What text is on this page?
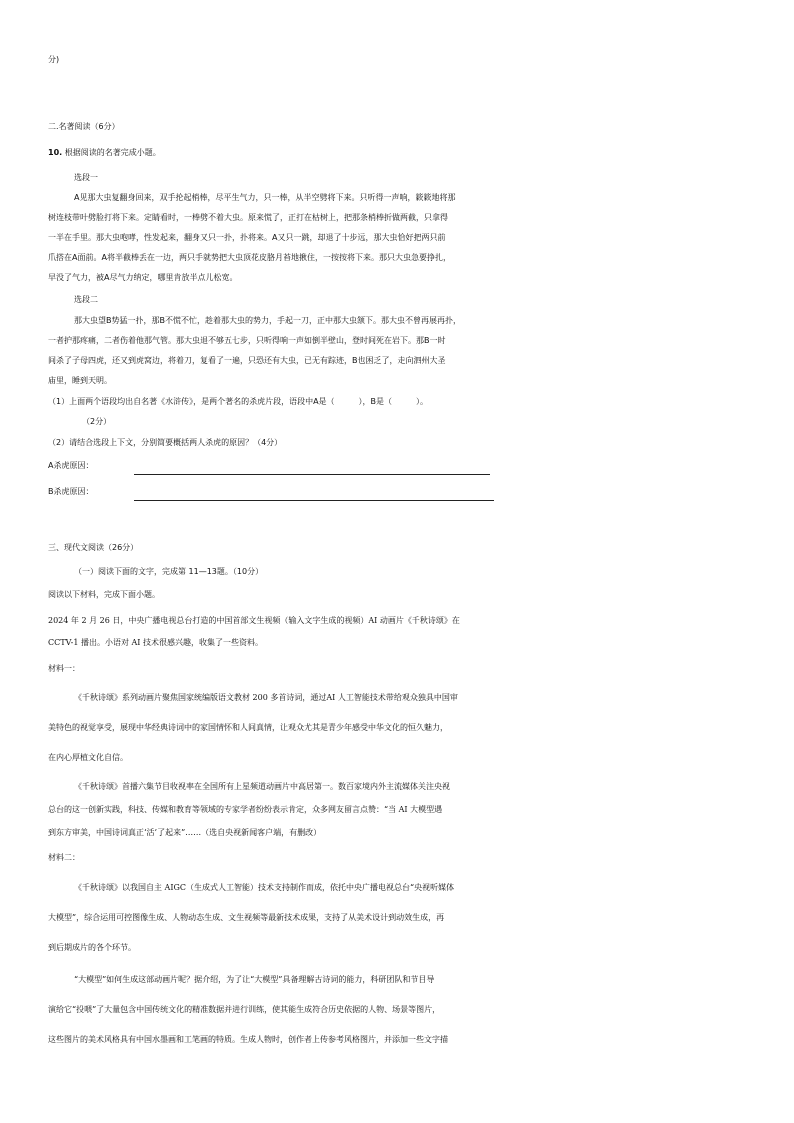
分)
二.名著阅读（6分）
10. 根据阅读的名著完成小题。
选段一
A见那大虫复翻身回来，双手抡起梢棒，尽平生气力，只一棒，从半空劈将下来。只听得一声响，簌簌地将那
树连枝带叶劈脸打将下来。定睛看时，一棒劈不着大虫。原来慌了，正打在枯树上，把那条梢棒折做两截，只拿得
一半在手里。那大虫咆哮，性发起来，翻身又只一扑，扑将来。A又只一跳，却退了十步远，那大虫恰好把两只前
爪搭在A面前。A将半截棒丢在一边，两只手就势把大虫顶花皮胳月苔地揪住，一按按将下来。那只大虫急要挣扎，
早没了气力，被A尽气力纳定，哪里肯放半点儿松宽。
选段二
那大虫望B势猛一扑，那B不慌不忙，趁着那大虫的势力，手起一刀，正中那大虫颔下。那大虫不曾再展再扑，
一者护那疼痛，二者伤着他那气管。那大虫退不够五七步，只听得响一声如倒半壁山，登时间死在岩下。那B一时
间杀了子母四虎，还又到虎窝边，将着刀，复看了一遍，只恐还有大虫，已无有踪迹，B也困乏了，走向泗州大圣
庙里，睡到天明。
（1）上面两个语段均出自名著《水浒传》，是两个著名的杀虎片段，语段中A是（　　　），B是（　　　）。
（2分）
（2）请结合选段上下文，分别简要概括两人杀虎的原因？（4分）
A杀虎原因：
B杀虎原因：
三、现代文阅读（26分）
（一）阅读下面的文字，完成第 11—13题。（10分）
阅读以下材料，完成下面小题。
2024 年 2 月 26 日，中央广播电视总台打造的中国首部文生视频（输入文字生成的视频）AI 动画片《千秋诗颂》在
CCTV-1 播出。小语对 AI 技术很感兴趣，收集了一些资料。
材料一：
《千秋诗颂》系列动画片聚焦国家统编版语文教材 200 多首诗词，通过AI 人工智能技术带给观众独具中国审
美特色的视觉享受，展现中华经典诗词中的家国情怀和人间真情，让观众尤其是青少年感受中华文化的恒久魅力，
在内心厚植文化自信。
《千秋诗颂》首播六集节目收视率在全国所有上星频道动画片中高居第一。数百家境内外主流媒体关注央视
总台的这一创新实践，科技、传媒和教育等领域的专家学者纷纷表示肯定，众多网友留言点赞：“当 AI 大模型遇
到东方审美，中国诗词真正‘活’了起来”……（选自央视新闻客户端，有删改）
材料二：
《千秋诗颂》以我国自主 AIGC（生成式人工智能）技术支持制作而成，依托中央广播电视总台“央视听媒体
大模型”，综合运用可控图像生成、人物动态生成、文生视频等最新技术成果，支持了从美术设计到动效生成，再
到后期成片的各个环节。
“大模型”如何生成这部动画片呢？据介绍，为了让“大模型”具备理解古诗词的能力，科研团队和节目导
演给它“投喂”了大量包含中国传统文化的精准数据并进行训练，使其能生成符合历史依据的人物、场景等图片，
这些图片的美术风格具有中国水墨画和工笔画的特质。生成人物时，创作者上传参考风格图片，并添加一些文字描
